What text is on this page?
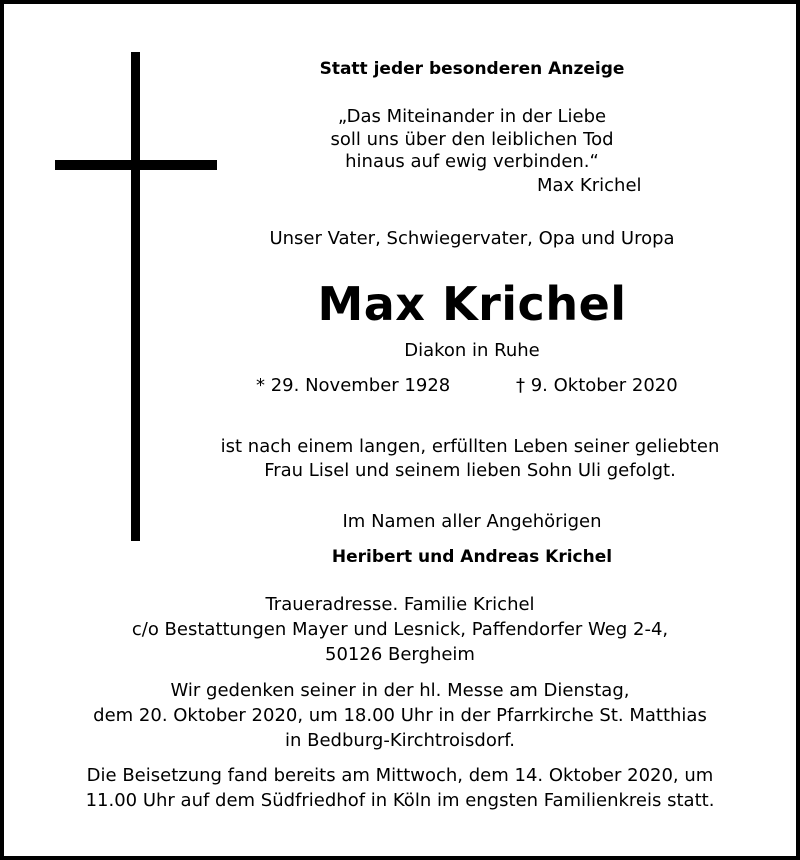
Statt jeder besonderen Anzeige
„Das Miteinander in der Liebe
soll uns über den leiblichen Tod
hinaus auf ewig verbinden.“
Max Krichel
Unser Vater, Schwiegervater, Opa und Uropa
Max Krichel
Diakon in Ruhe
* 29. November 1928	† 9. Oktober 2020
ist nach einem langen, erfüllten Leben seiner geliebten
Frau Lisel und seinem lieben Sohn Uli gefolgt.
Im Namen aller Angehörigen
Heribert und Andreas Krichel
Traueradresse. Familie Krichel
c/o Bestattungen Mayer und Lesnick, Paffendorfer Weg 2-4,
50126 Bergheim
Wir gedenken seiner in der hl. Messe am Dienstag,
dem 20. Oktober 2020, um 18.00 Uhr in der Pfarrkirche St. Matthias
in Bedburg-Kirchtroisdorf.
Die Beisetzung fand bereits am Mittwoch, dem 14. Oktober 2020, um
11.00 Uhr auf dem Südfriedhof in Köln im engsten Familienkreis statt.
